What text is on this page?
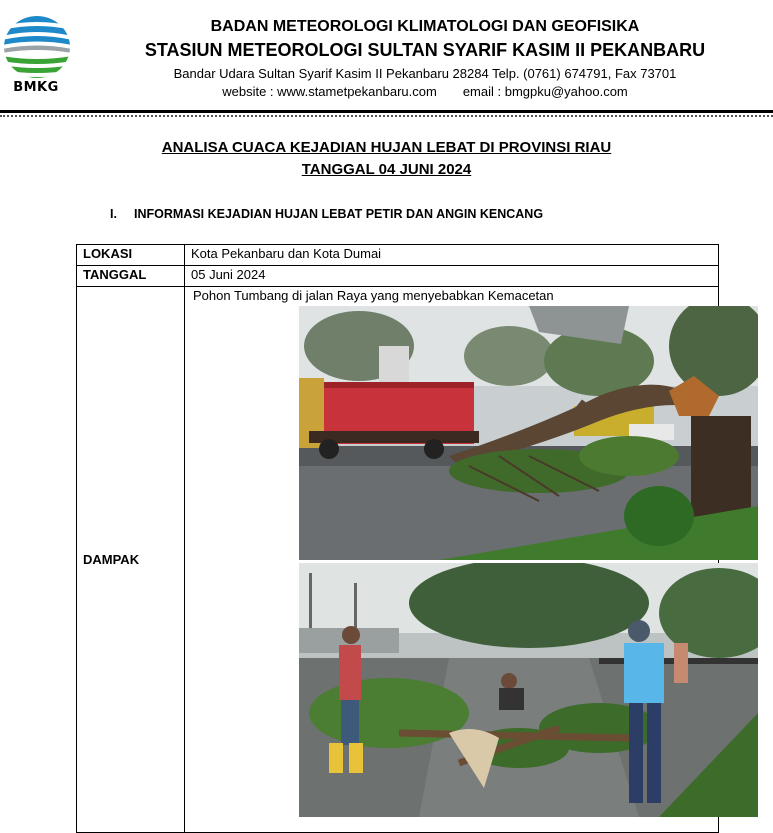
BMKG
BADAN METEOROLOGI KLIMATOLOGI DAN GEOFISIKA
STASIUN METEOROLOGI SULTAN SYARIF KASIM II PEKANBARU
Bandar Udara Sultan Syarif Kasim II Pekanbaru 28284 Telp. (0761) 674791, Fax 73701
website : www.stametpekanbaru.com email : bmgpku@yahoo.com
ANALISA CUACA KEJADIAN HUJAN LEBAT DI PROVINSI RIAU
TANGGAL 04 JUNI 2024
I. INFORMASI KEJADIAN HUJAN LEBAT PETIR DAN ANGIN KENCANG
LOKASI	Kota Pekanbaru dan Kota Dumai
TANGGAL	05 Juni 2024
DAMPAK	Pohon Tumbang di jalan Raya yang menyebabkan Kemacetan
